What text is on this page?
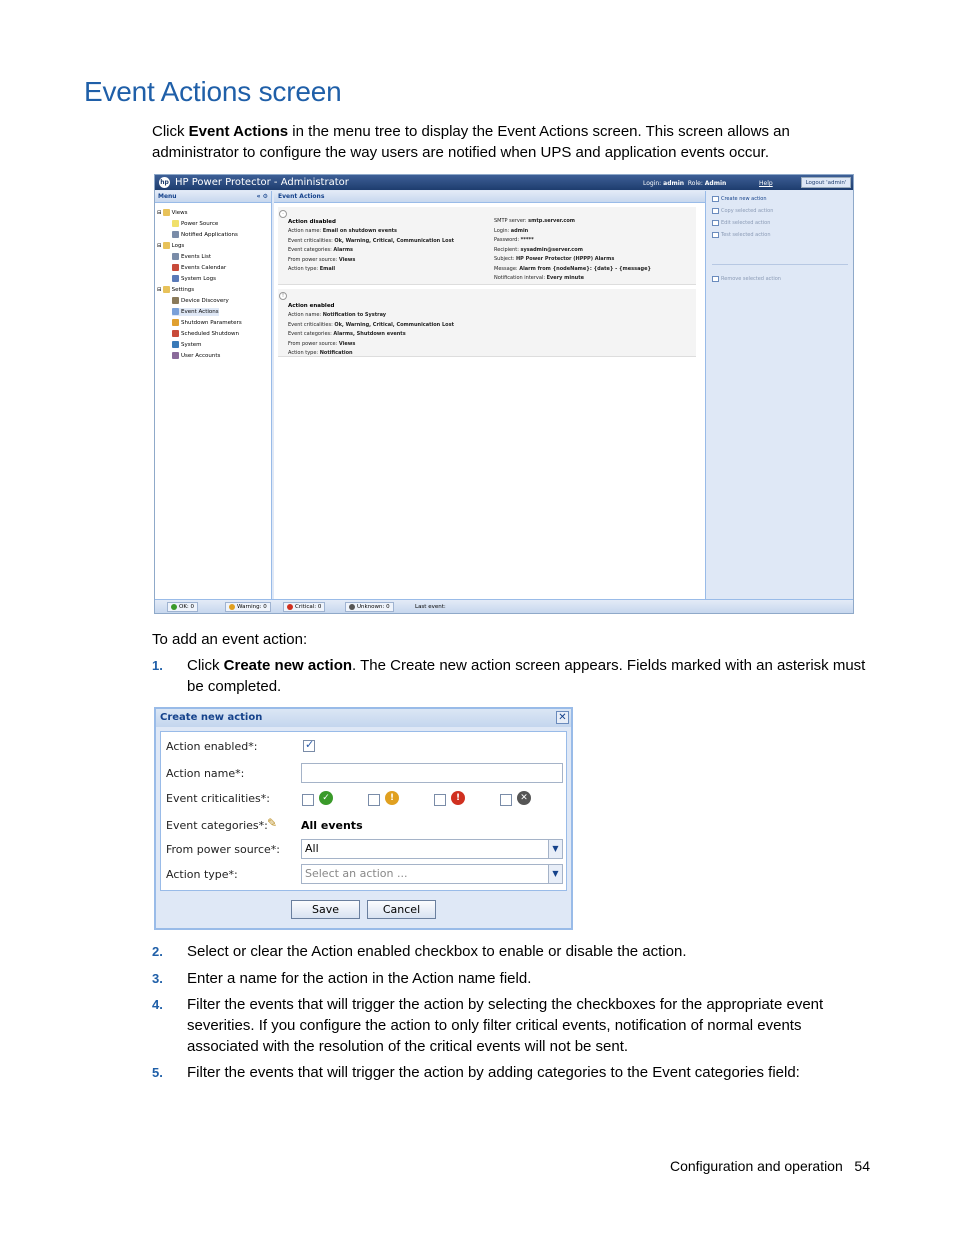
Event Actions screen
Click Event Actions in the menu tree to display the Event Actions screen. This screen allows an administrator to configure the way users are notified when UPS and application events occur.
hp HP Power Protector - Administrator	Login: admin Role: Admin	Help	Logout 'admin'
Menu	« ⚙
⊟ Views
Power Source
Notified Applications
⊟ Logs
Events List
Events Calendar
System Logs
⊟ Settings
Device Discovery
Event Actions
Shutdown Parameters
Scheduled Shutdown
System
User Accounts
Event Actions
·
Action disabled
Action name: Email on shutdown events
Event criticalities: Ok, Warning, Critical, Communication Lost
Event categories: Alarms
From power source: Views
Action type: Email
SMTP server: smtp.server.com
Login: admin
Password: *****
Recipient: sysadmin@server.com
Subject: HP Power Protector (HPPP) Alarms
Message: Alarm from {nodeName}: {date} - {message}
Notification interval: Every minute
!
Action enabled
Action name: Notification to Systray
Event criticalities: Ok, Warning, Critical, Communication Lost
Event categories: Alarms, Shutdown events
From power source: Views
Action type: Notification
Create new action
Copy selected action
Edit selected action
Test selected action
Remove selected action
OK: 0	Warning: 0	Critical: 0	Unknown: 0	Last event:
To add an event action:
1. Click Create new action. The Create new action screen appears. Fields marked with an asterisk must be completed.
Create new action	✕
Action enabled*:
✓
Action name*:
Event criticalities*:	✓	!	!	✕
Event categories*: ✎ All events
From power source*:	All	▼
Action type*:	Select an action ...	▼
Save	Cancel
2. Select or clear the Action enabled checkbox to enable or disable the action.
3. Enter a name for the action in the Action name field.
4. Filter the events that will trigger the action by selecting the checkboxes for the appropriate event severities. If you configure the action to only filter critical events, notification of normal events associated with the resolution of the critical events will not be sent.
5. Filter the events that will trigger the action by adding categories to the Event categories field:
Configuration and operation 54
